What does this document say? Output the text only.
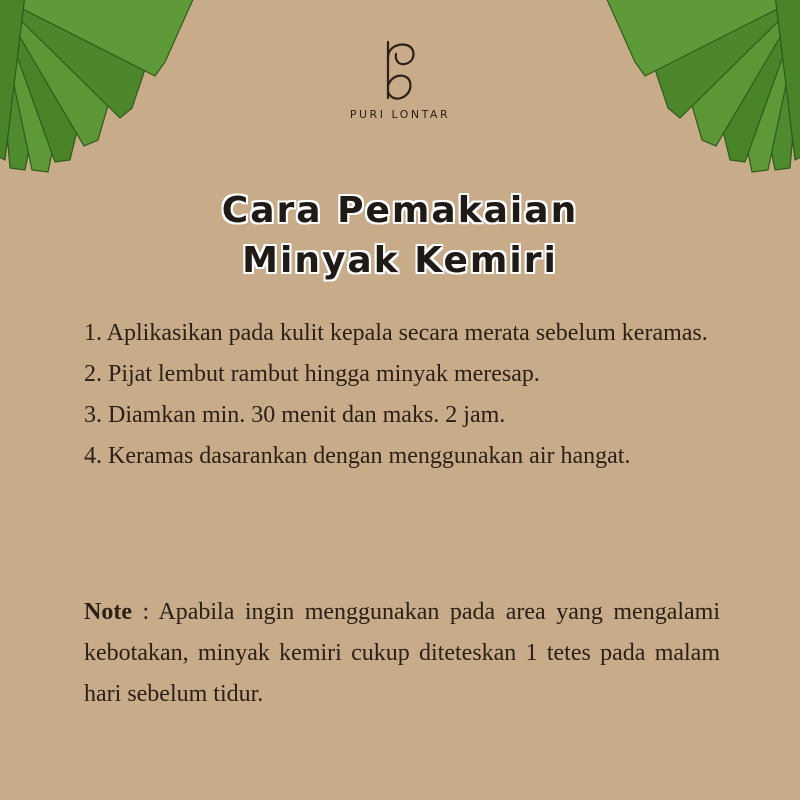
PURI LONTAR
Cara Pemakaian
Minyak Kemiri
1. Aplikasikan pada kulit kepala secara merata sebelum keramas.
2. Pijat lembut rambut hingga minyak meresap.
3. Diamkan min. 30 menit dan maks. 2 jam.
4. Keramas dasarankan dengan menggunakan air hangat.

Note : Apabila ingin menggunakan pada area yang mengalami kebotakan, minyak kemiri cukup diteteskan 1 tetes pada malam hari sebelum tidur.
